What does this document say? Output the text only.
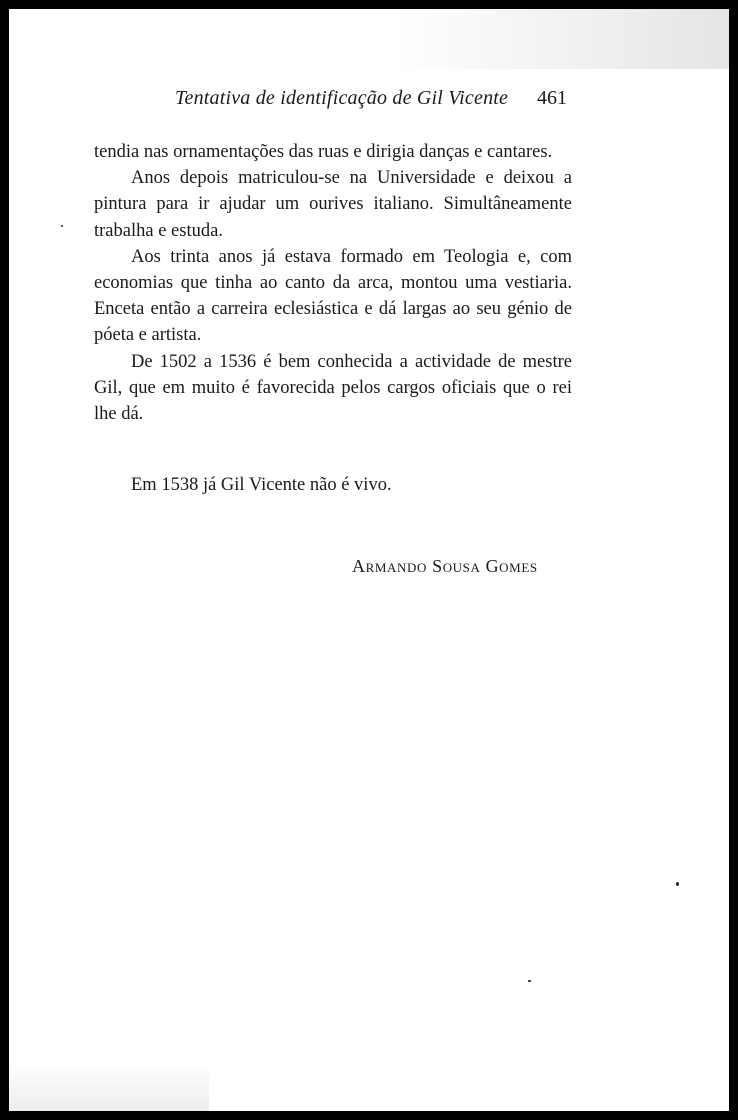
Tentativa de identificação de Gil Vicente 461

tendia nas ornamentações das ruas e dirigia danças e cantares.

Anos depois matriculou-se na Universidade e deixou a pintura para ir ajudar um ourives italiano. Simultâneamente trabalha e estuda.

Aos trinta anos já estava formado em Teologia e, com economias que tinha ao canto da arca, montou uma vestiaria. Enceta então a carreira eclesiástica e dá largas ao seu génio de póeta e artista.

De 1502 a 1536 é bem conhecida a actividade de mestre Gil, que em muito é favorecida pelos cargos oficiais que o rei lhe dá.

Em 1538 já Gil Vicente não é vivo.
Armando Sousa Gomes
